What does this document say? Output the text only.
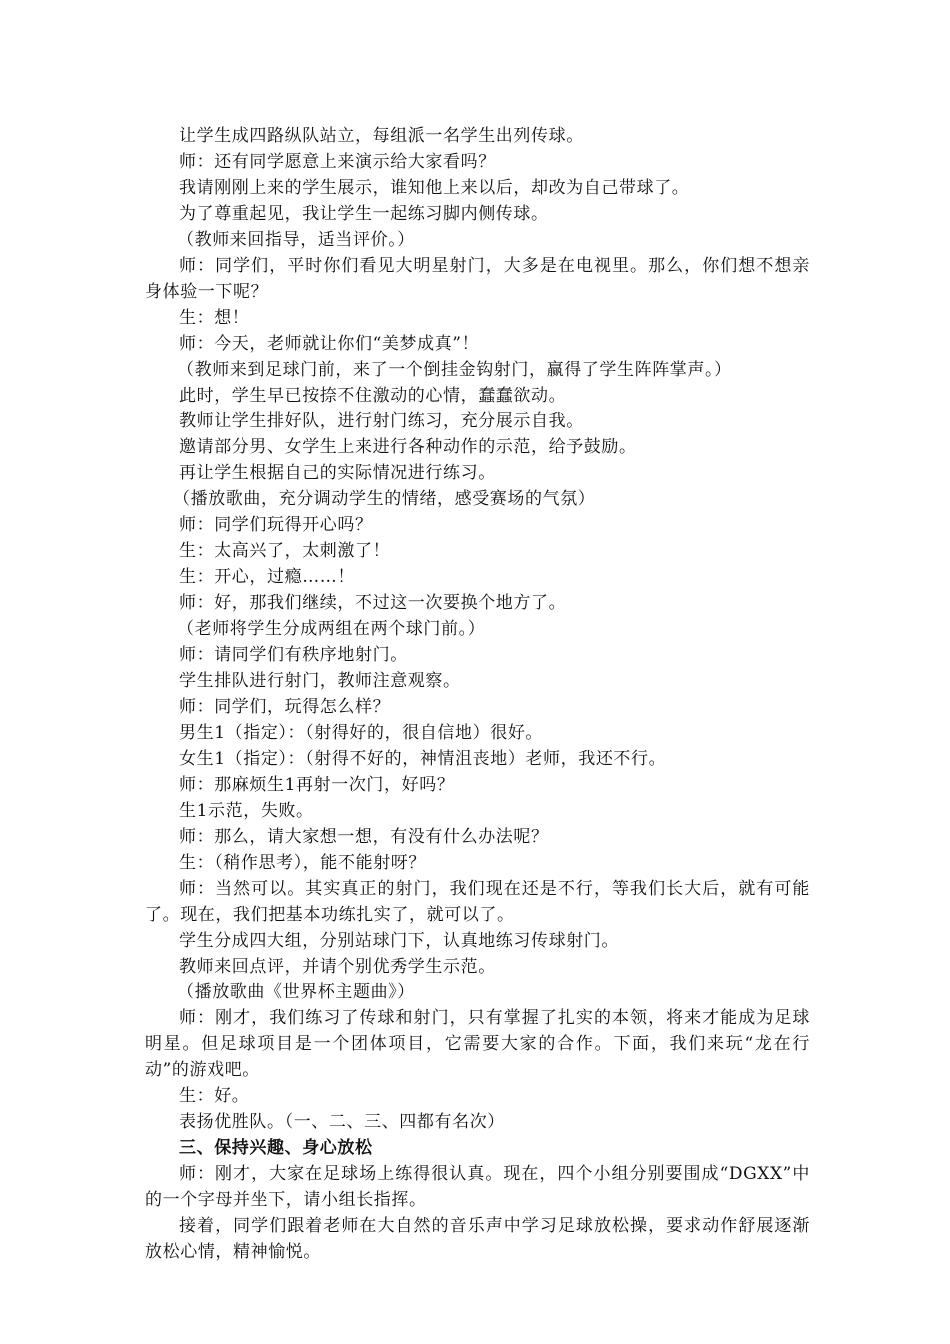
让学生成四路纵队站立，每组派一名学生出列传球。

师：还有同学愿意上来演示给大家看吗？

我请刚刚上来的学生展示，谁知他上来以后，却改为自己带球了。

为了尊重起见，我让学生一起练习脚内侧传球。

（教师来回指导，适当评价。）

师：同学们，平时你们看见大明星射门，大多是在电视里。那么，你们想不想亲身体验一下呢？

生：想！

师：今天，老师就让你们“美梦成真”！

（教师来到足球门前，来了一个倒挂金钩射门，赢得了学生阵阵掌声。）

此时，学生早已按捺不住激动的心情，蠢蠢欲动。

教师让学生排好队，进行射门练习，充分展示自我。

邀请部分男、女学生上来进行各种动作的示范，给予鼓励。

再让学生根据自己的实际情况进行练习。

（播放歌曲，充分调动学生的情绪，感受赛场的气氛）

师：同学们玩得开心吗？

生：太高兴了，太刺激了！

生：开心，过瘾……！

师：好，那我们继续，不过这一次要换个地方了。

（老师将学生分成两组在两个球门前。）

师：请同学们有秩序地射门。

学生排队进行射门，教师注意观察。

师：同学们，玩得怎么样？

男生1（指定）：（射得好的，很自信地）很好。

女生1（指定）：（射得不好的，神情沮丧地）老师，我还不行。

师：那麻烦生1再射一次门，好吗？

生1示范，失败。

师：那么，请大家想一想，有没有什么办法呢？

生：（稍作思考），能不能射呀？

师：当然可以。其实真正的射门，我们现在还是不行，等我们长大后，就有可能了。现在，我们把基本功练扎实了，就可以了。

学生分成四大组，分别站球门下，认真地练习传球射门。

教师来回点评，并请个别优秀学生示范。

（播放歌曲《世界杯主题曲》）

师：刚才，我们练习了传球和射门，只有掌握了扎实的本领，将来才能成为足球明星。但足球项目是一个团体项目，它需要大家的合作。下面，我们来玩“龙在行动”的游戏吧。

生：好。

表扬优胜队。（一、二、三、四都有名次）

三、保持兴趣、身心放松

师：刚才，大家在足球场上练得很认真。现在，四个小组分别要围成“DGXX”中的一个字母并坐下，请小组长指挥。

接着，同学们跟着老师在大自然的音乐声中学习足球放松操，要求动作舒展逐渐放松心情，精神愉悦。
